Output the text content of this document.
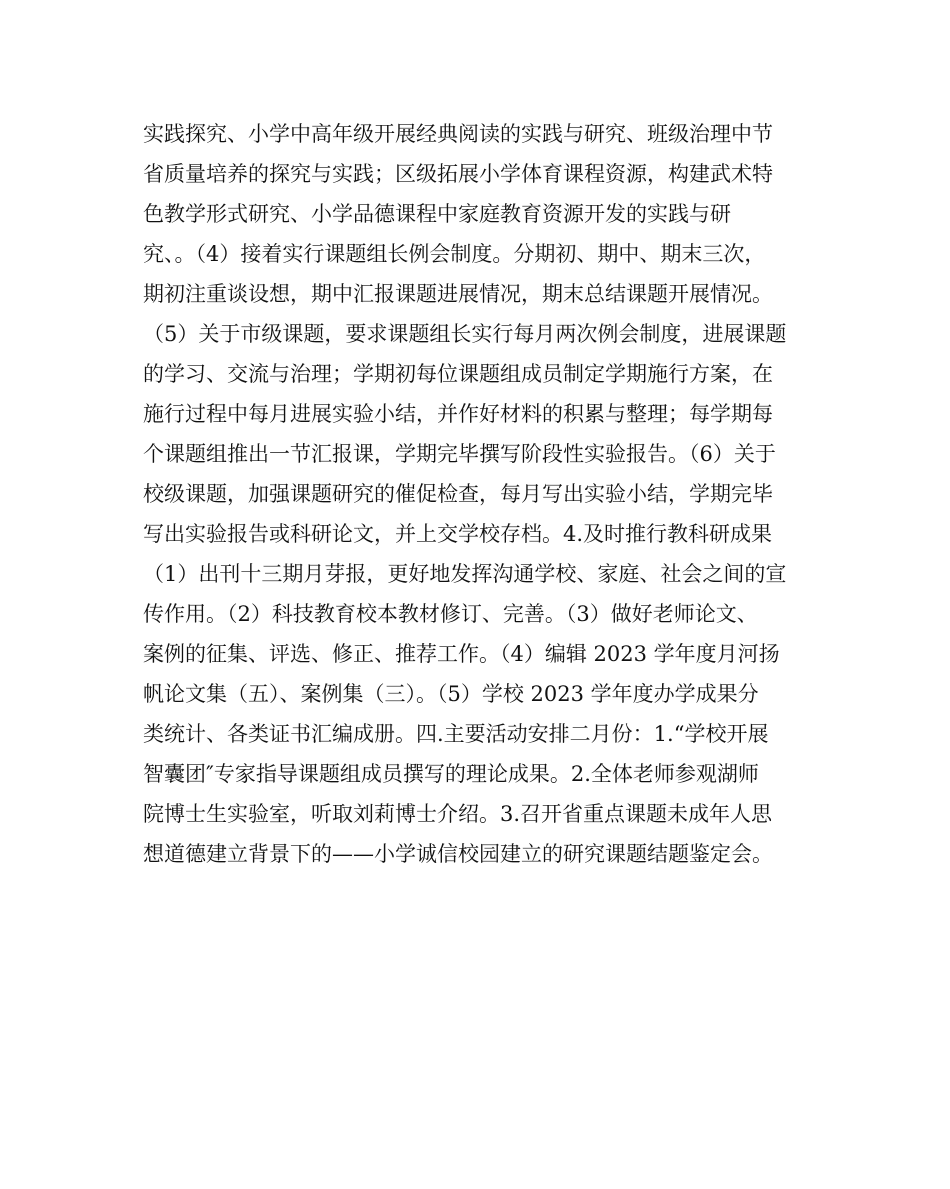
实践探究、小学中高年级开展经典阅读的实践与研究、班级治理中节
省质量培养的探究与实践；区级拓展小学体育课程资源，构建武术特
色教学形式研究、小学品德课程中家庭教育资源开发的实践与研
究、。（4）接着实行课题组长例会制度。分期初、期中、期末三次，
期初注重谈设想，期中汇报课题进展情况，期末总结课题开展情况。
（5）关于市级课题，要求课题组长实行每月两次例会制度，进展课题
的学习、交流与治理；学期初每位课题组成员制定学期施行方案，在
施行过程中每月进展实验小结，并作好材料的积累与整理；每学期每
个课题组推出一节汇报课，学期完毕撰写阶段性实验报告。（6）关于
校级课题，加强课题研究的催促检查，每月写出实验小结，学期完毕
写出实验报告或科研论文，并上交学校存档。4.及时推行教科研成果
（1）出刊十三期月芽报，更好地发挥沟通学校、家庭、社会之间的宣
传作用。（2）科技教育校本教材修订、完善。（3）做好老师论文、
案例的征集、评选、修正、推荐工作。（4）编辑 2023 学年度月河扬
帆论文集（五）、案例集（三）。（5）学校 2023 学年度办学成果分
类统计、各类证书汇编成册。四.主要活动安排二月份：1.“学校开展
智囊团″专家指导课题组成员撰写的理论成果。2.全体老师参观湖师
院博士生实验室，听取刘莉博士介绍。3.召开省重点课题未成年人思
想道德建立背景下的——小学诚信校园建立的研究课题结题鉴定会。
